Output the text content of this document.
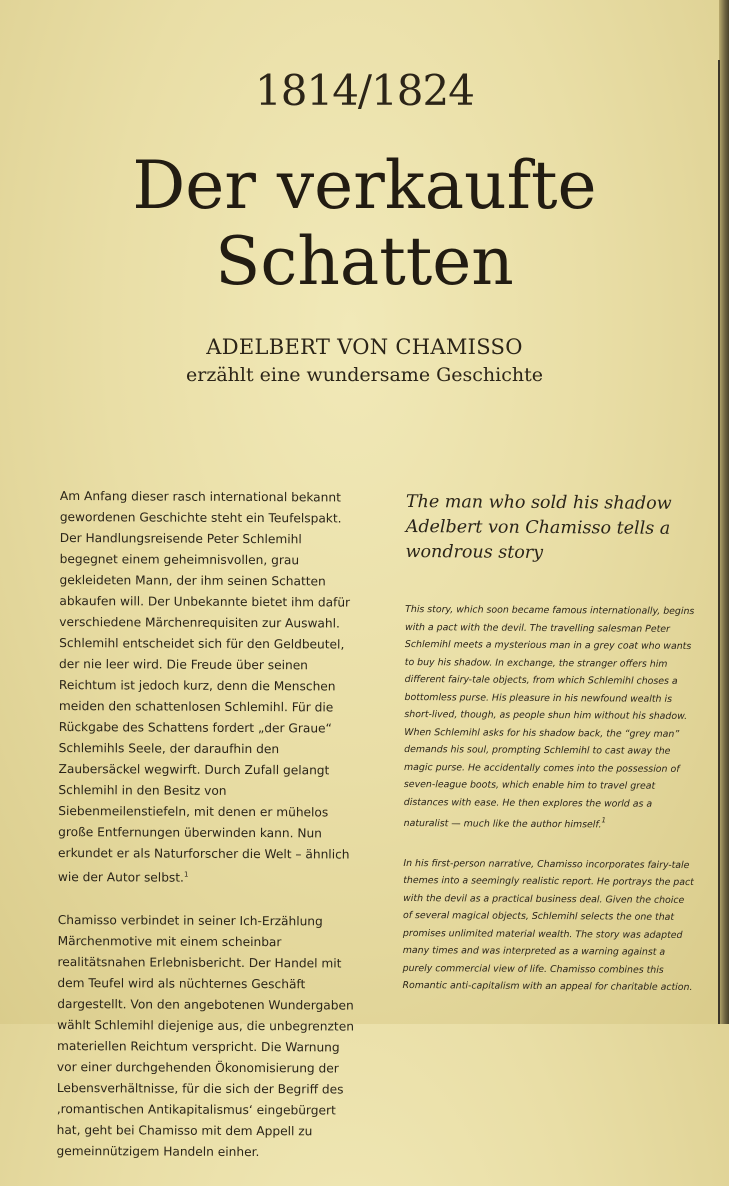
1814/1824
Der verkaufte
Schatten
ADELBERT VON CHAMISSO
erzählt eine wundersame Geschichte

Am Anfang dieser rasch international bekannt gewordenen Geschichte steht ein Teufelspakt. Der Handlungsreisende Peter Schlemihl begegnet einem geheimnisvollen, grau gekleideten Mann, der ihm seinen Schatten abkaufen will. Der Unbekannte bietet ihm dafür verschiedene Märchenrequisiten zur Auswahl. Schlemihl entscheidet sich für den Geldbeutel, der nie leer wird. Die Freude über seinen Reichtum ist jedoch kurz, denn die Menschen meiden den schattenlosen Schlemihl. Für die Rückgabe des Schattens fordert „der Graue“ Schlemihls Seele, der daraufhin den Zaubersäckel wegwirft. Durch Zufall gelangt Schlemihl in den Besitz von Siebenmeilenstiefeln, mit denen er mühelos große Entfernungen überwinden kann. Nun erkundet er als Naturforscher die Welt – ähnlich wie der Autor selbst.$^1$

Chamisso verbindet in seiner Ich-Erzählung Märchenmotive mit einem scheinbar realitätsnahen Erlebnisbericht. Der Handel mit dem Teufel wird als nüchternes Geschäft dargestellt. Von den angebotenen Wundergaben wählt Schlemihl diejenige aus, die unbegrenzten materiellen Reichtum verspricht. Die Warnung vor einer durchgehenden Ökonomisierung der Lebensverhältnisse, für die sich der Begriff des ‚romantischen Antikapitalismus‘ eingebürgert hat, geht bei Chamisso mit dem Appell zu gemeinnützigem Handeln einher.

The man who sold his shadow
Adelbert von Chamisso tells a
wondrous story

This story, which soon became famous internationally, begins with a pact with the devil. The travelling salesman Peter Schlemihl meets a mysterious man in a grey coat who wants to buy his shadow. In exchange, the stranger offers him different fairy-tale objects, from which Schlemihl choses a bottomless purse. His pleasure in his newfound wealth is short-lived, though, as people shun him without his shadow. When Schlemihl asks for his shadow back, the “grey man” demands his soul, prompting Schlemihl to cast away the magic purse. He accidentally comes into the possession of seven-league boots, which enable him to travel great distances with ease. He then explores the world as a naturalist — much like the author himself.$^1$

In his first-person narrative, Chamisso incorporates fairy-tale themes into a seemingly realistic report. He portrays the pact with the devil as a practical business deal. Given the choice of several magical objects, Schlemihl selects the one that promises unlimited material wealth. The story was adapted many times and was interpreted as a warning against a purely commercial view of life. Chamisso combines this Romantic anti-capitalism with an appeal for charitable action.
